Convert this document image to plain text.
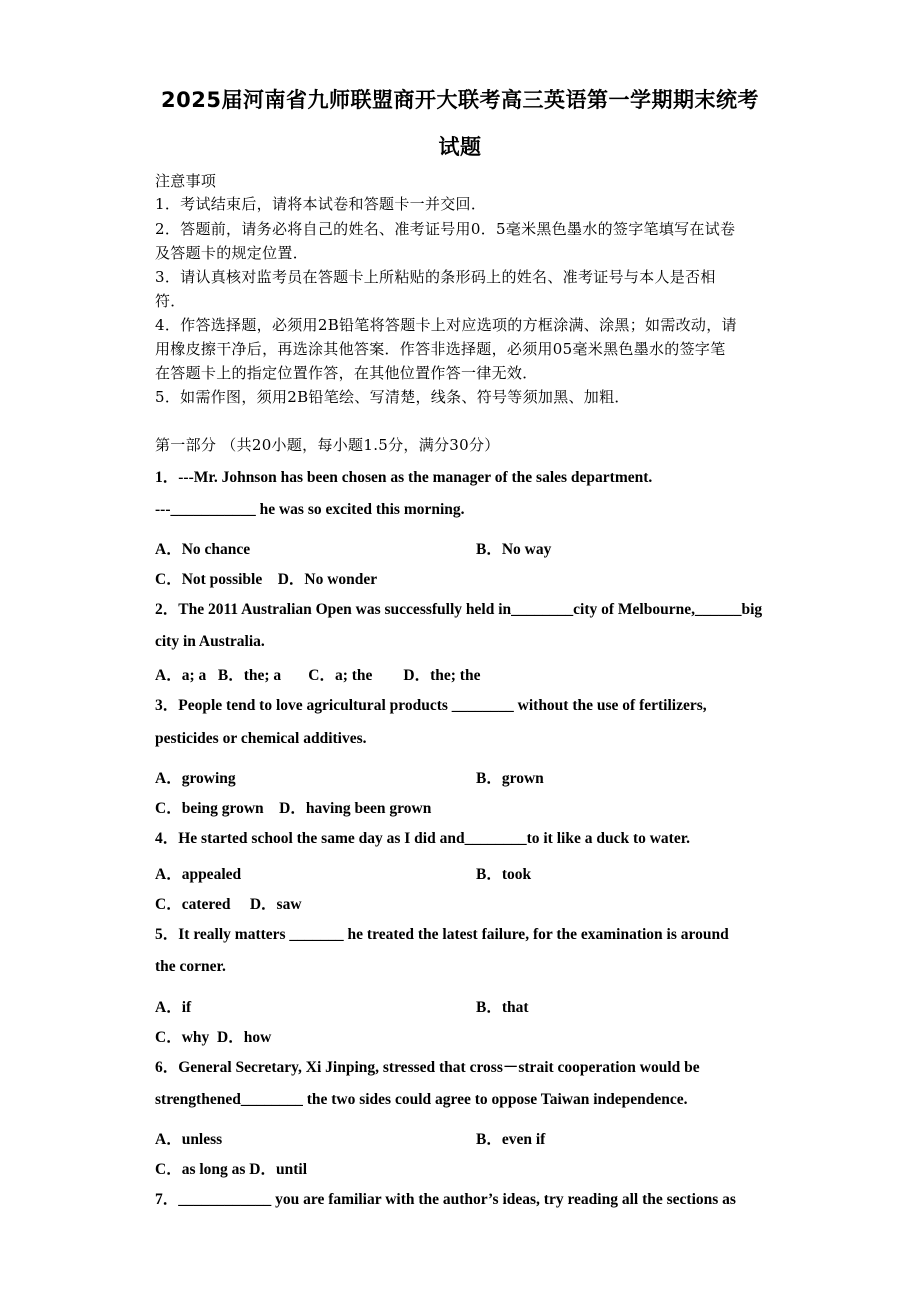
2025届河南省九师联盟商开大联考高三英语第一学期期末统考
试题
注意事项
1．考试结束后，请将本试卷和答题卡一并交回．
2．答题前，请务必将自己的姓名、准考证号用0．5毫米黑色墨水的签字笔填写在试卷
及答题卡的规定位置．
3．请认真核对监考员在答题卡上所粘贴的条形码上的姓名、准考证号与本人是否相
符．
4．作答选择题，必须用2B铅笔将答题卡上对应选项的方框涂满、涂黑；如需改动，请
用橡皮擦干净后，再选涂其他答案．作答非选择题，必须用05毫米黑色墨水的签字笔
在答题卡上的指定位置作答，在其他位置作答一律无效．
5．如需作图，须用2B铅笔绘、写清楚，线条、符号等须加黑、加粗．
第一部分 （共20小题，每小题1.5分，满分30分）
1．---Mr. Johnson has been chosen as the manager of the sales department.
---___________ he was so excited this morning.
A．No chance	B．No way
C．Not possible    D．No wonder
2．The 2011 Australian Open was successfully held in________city of Melbourne,______big
city in Australia.
A．a; a   B．the; a       C．a; the        D．the; the
3．People tend to love agricultural products ________ without the use of fertilizers,
pesticides or chemical additives.
A．growing	B．grown
C．being grown    D．having been grown
4．He started school the same day as I did and________to it like a duck to water.
A．appealed	B．took
C．catered     D．saw
5．It really matters _______ he treated the latest failure, for the examination is around
the corner.
A．if	B．that
C．why  D．how
6．General Secretary, Xi Jinping, stressed that cross－strait cooperation would be
strengthened________ the two sides could agree to oppose Taiwan independence.
A．unless	B．even if
C．as long as D．until
7．____________ you are familiar with the author’s ideas, try reading all the sections as
